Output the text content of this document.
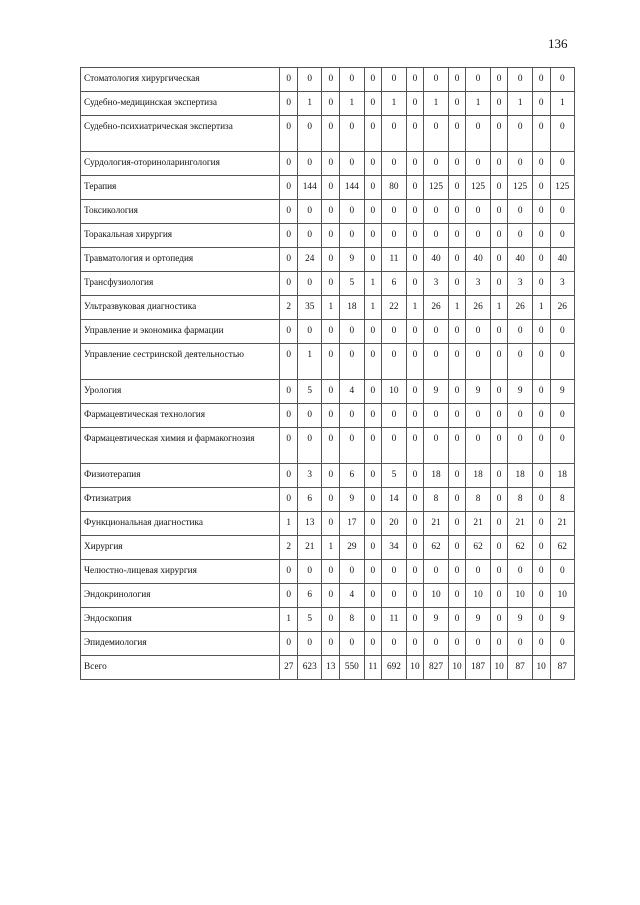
136
Стоматология хирургическая	0	0	0	0	0	0	0	0	0	0	0	0	0	0
Судебно-медицинская экспертиза	0	1	0	1	0	1	0	1	0	1	0	1	0	1
Судебно-психиатрическая экспертиза	0	0	0	0	0	0	0	0	0	0	0	0	0	0
Сурдология-оториноларингология	0	0	0	0	0	0	0	0	0	0	0	0	0	0
Терапия	0	144	0	144	0	80	0	125	0	125	0	125	0	125
Токсикология	0	0	0	0	0	0	0	0	0	0	0	0	0	0
Торакальная хирургия	0	0	0	0	0	0	0	0	0	0	0	0	0	0
Травматология и ортопедия	0	24	0	9	0	11	0	40	0	40	0	40	0	40
Трансфузиология	0	0	0	5	1	6	0	3	0	3	0	3	0	3
Ультразвуковая диагностика	2	35	1	18	1	22	1	26	1	26	1	26	1	26
Управление и экономика фармации	0	0	0	0	0	0	0	0	0	0	0	0	0	0
Управление сестринской деятельностью	0	1	0	0	0	0	0	0	0	0	0	0	0	0
Урология	0	5	0	4	0	10	0	9	0	9	0	9	0	9
Фармацевтическая технология	0	0	0	0	0	0	0	0	0	0	0	0	0	0
Фармацевтическая химия и фармакогнозия	0	0	0	0	0	0	0	0	0	0	0	0	0	0
Физиотерапия	0	3	0	6	0	5	0	18	0	18	0	18	0	18
Фтизиатрия	0	6	0	9	0	14	0	8	0	8	0	8	0	8
Функциональная диагностика	1	13	0	17	0	20	0	21	0	21	0	21	0	21
Хирургия	2	21	1	29	0	34	0	62	0	62	0	62	0	62
Челюстно-лицевая хирургия	0	0	0	0	0	0	0	0	0	0	0	0	0	0
Эндокринология	0	6	0	4	0	0	0	10	0	10	0	10	0	10
Эндоскопия	1	5	0	8	0	11	0	9	0	9	0	9	0	9
Эпидемиология	0	0	0	0	0	0	0	0	0	0	0	0	0	0
Всего	27	623	13	550	11	692	10	827	10	187	10	87	10	87
